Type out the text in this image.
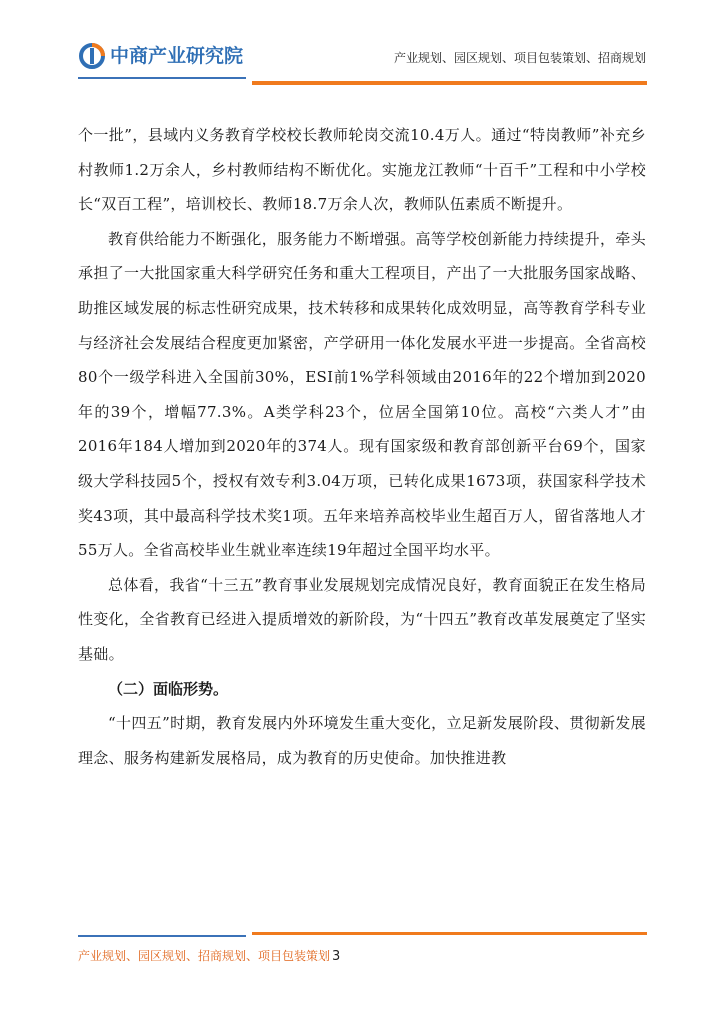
中商产业研究院	产业规划、园区规划、项目包装策划、招商规划

个一批”，县域内义务教育学校校长教师轮岗交流10.4万人。通过“特岗教师”补充乡村教师1.2万余人，乡村教师结构不断优化。实施龙江教师“十百千”工程和中小学校长“双百工程”，培训校长、教师18.7万余人次，教师队伍素质不断提升。

教育供给能力不断强化，服务能力不断增强。高等学校创新能力持续提升，牵头承担了一大批国家重大科学研究任务和重大工程项目，产出了一大批服务国家战略、助推区域发展的标志性研究成果，技术转移和成果转化成效明显，高等教育学科专业与经济社会发展结合程度更加紧密，产学研用一体化发展水平进一步提高。全省高校80个一级学科进入全国前30%，ESI前1%学科领域由2016年的22个增加到2020年的39个，增幅77.3%。A类学科23个，位居全国第10位。高校“六类人才”由2016年184人增加到2020年的374人。现有国家级和教育部创新平台69个，国家级大学科技园5个，授权有效专利3.04万项，已转化成果1673项，获国家科学技术奖43项，其中最高科学技术奖1项。五年来培养高校毕业生超百万人，留省落地人才55万人。全省高校毕业生就业率连续19年超过全国平均水平。

总体看，我省“十三五”教育事业发展规划完成情况良好，教育面貌正在发生格局性变化，全省教育已经进入提质增效的新阶段，为“十四五”教育改革发展奠定了坚实基础。

（二）面临形势。

“十四五”时期，教育发展内外环境发生重大变化，立足新发展阶段、贯彻新发展理念、服务构建新发展格局，成为教育的历史使命。加快推进教

产业规划、园区规划、招商规划、项目包装策划 3
